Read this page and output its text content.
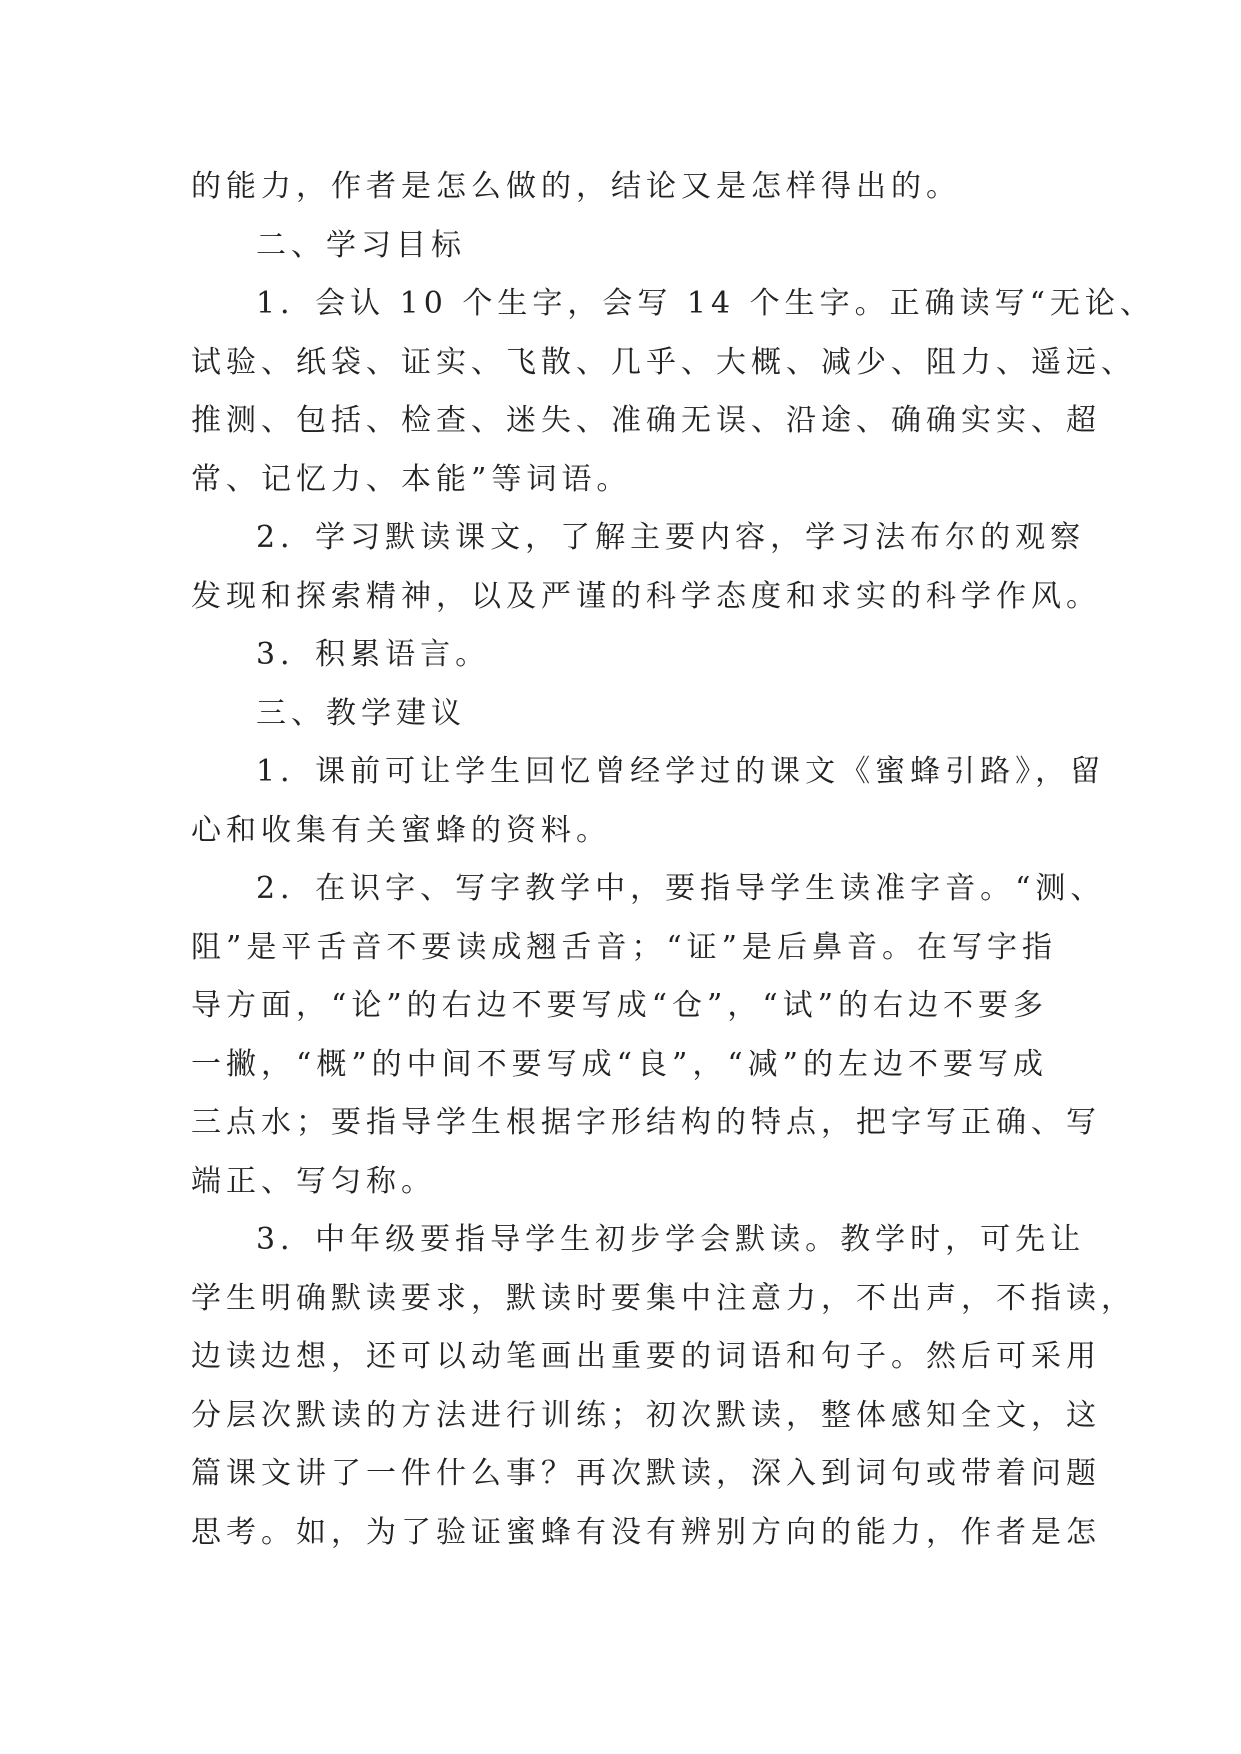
的能力，作者是怎么做的，结论又是怎样得出的。
二、学习目标
1．会认 10 个生字，会写 14 个生字。正确读写“无论、
试验、纸袋、证实、飞散、几乎、大概、减少、阻力、遥远、
推测、包括、检查、迷失、准确无误、沿途、确确实实、超
常、记忆力、本能”等词语。
2．学习默读课文，了解主要内容，学习法布尔的观察
发现和探索精神，以及严谨的科学态度和求实的科学作风。
3．积累语言。
三、教学建议
1．课前可让学生回忆曾经学过的课文《蜜蜂引路》，留
心和收集有关蜜蜂的资料。
2．在识字、写字教学中，要指导学生读准字音。“测、
阻”是平舌音不要读成翘舌音；“证”是后鼻音。在写字指
导方面，“论”的右边不要写成“仓”，“试”的右边不要多
一撇，“概”的中间不要写成“良”，“减”的左边不要写成
三点水；要指导学生根据字形结构的特点，把字写正确、写
端正、写匀称。
3．中年级要指导学生初步学会默读。教学时，可先让
学生明确默读要求，默读时要集中注意力，不出声，不指读，
边读边想，还可以动笔画出重要的词语和句子。然后可采用
分层次默读的方法进行训练；初次默读，整体感知全文，这
篇课文讲了一件什么事？再次默读，深入到词句或带着问题
思考。如，为了验证蜜蜂有没有辨别方向的能力，作者是怎
